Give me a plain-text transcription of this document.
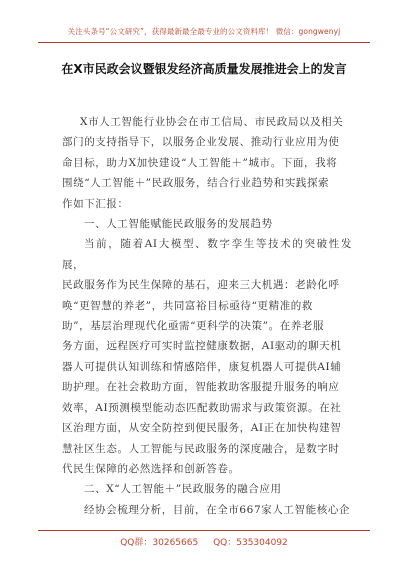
关注头条号“公文研究”，获得最新最全最专业的公文资料库！ 微信：gongwenyj
在X市民政会议暨银发经济高质量发展推进会上的发言

X市人工智能行业协会在市工信局、市民政局以及相关

部门的支持指导下，以服务企业发展、推动行业应用为使

命目标，助力X加快建设“人工智能＋”城市。下面，我将

围绕“人工智能＋”民政服务，结合行业趋势和实践探索

作如下汇报：

一、人工智能赋能民政服务的发展趋势

当前，随着AI大模型、数字孪生等技术的突破性发展，

民政服务作为民生保障的基石，迎来三大机遇：老龄化呼

唤“更智慧的养老”，共同富裕目标亟待“更精准的救

助”，基层治理现代化亟需“更科学的决策”。在养老服

务方面，远程医疗可实时监控健康数据，AI驱动的聊天机

器人可提供认知训练和情感陪伴，康复机器人可提供AI辅

助护理。在社会救助方面，智能救助客服提升服务的响应

效率，AI预测模型能动态匹配救助需求与政策资源。在社

区治理方面，从安全防控到便民服务，AI正在加快构建智

慧社区生态。人工智能与民政服务的深度融合，是数字时

代民生保障的必然选择和创新答卷。

二、X“人工智能＋”民政服务的融合应用

经协会梳理分析，目前，在全市667家人工智能核心企

QQ群：30265665 QQ：535304092
